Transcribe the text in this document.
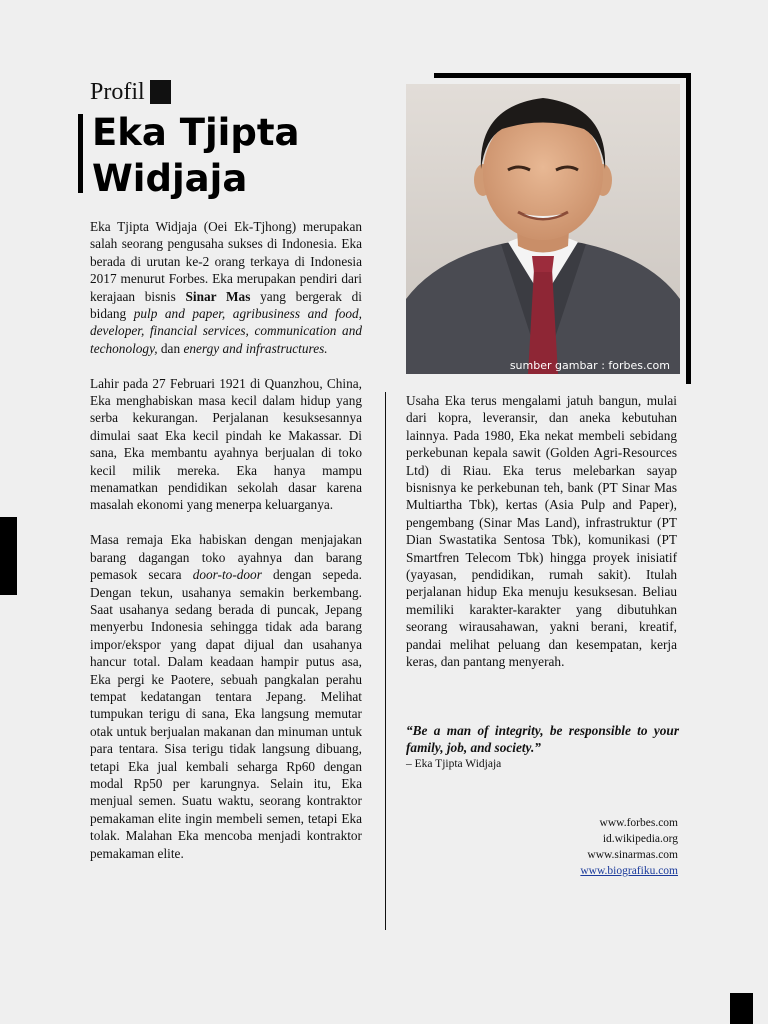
Profil
Eka Tjipta
Widjaja

Eka Tjipta Widjaja (Oei Ek-Tjhong) merupakan salah seorang pengusaha sukses di Indonesia. Eka berada di urutan ke-2 orang terkaya di Indonesia 2017 menurut Forbes. Eka merupakan pendiri dari kerajaan bisnis Sinar Mas yang bergerak di bidang pulp and paper, agribusiness and food, developer, financial services, communication and techonology, dan energy and infrastructures.

Lahir pada 27 Februari 1921 di Quanzhou, China, Eka menghabiskan masa kecil dalam hidup yang serba kekurangan. Perjalanan kesuksesannya dimulai saat Eka kecil pindah ke Makassar. Di sana, Eka membantu ayahnya berjualan di toko kecil milik mereka. Eka hanya mampu menamatkan pendidikan sekolah dasar karena masalah ekonomi yang menerpa keluarganya.

Masa remaja Eka habiskan dengan menjajakan barang dagangan toko ayahnya dan barang pemasok secara door-to-door dengan sepeda. Dengan tekun, usahanya semakin berkembang. Saat usahanya sedang berada di puncak, Jepang menyerbu Indonesia sehingga tidak ada barang impor/ekspor yang dapat dijual dan usahanya hancur total. Dalam keadaan hampir putus asa, Eka pergi ke Paotere, sebuah pangkalan perahu tempat kedatangan tentara Jepang. Melihat tumpukan terigu di sana, Eka langsung memutar otak untuk berjualan makanan dan minuman untuk para tentara. Sisa terigu tidak langsung dibuang, tetapi Eka jual kembali seharga Rp60 dengan modal Rp50 per karungnya. Selain itu, Eka menjual semen. Suatu waktu, seorang kontraktor pemakaman elite ingin membeli semen, tetapi Eka tolak. Malahan Eka mencoba menjadi kontraktor pemakaman elite.

sumber gambar : forbes.com

Usaha Eka terus mengalami jatuh bangun, mulai dari kopra, leveransir, dan aneka kebutuhan lainnya. Pada 1980, Eka nekat membeli sebidang perkebunan kepala sawit (Golden Agri-Resources Ltd) di Riau. Eka terus melebarkan sayap bisnisnya ke perkebunan teh, bank (PT Sinar Mas Multiartha Tbk), kertas (Asia Pulp and Paper), pengembang (Sinar Mas Land), infrastruktur (PT Dian Swastatika Sentosa Tbk), komunikasi (PT Smartfren Telecom Tbk) hingga proyek inisiatif (yayasan, pendidikan, rumah sakit). Itulah perjalanan hidup Eka menuju kesuksesan. Beliau memiliki karakter-karakter yang dibutuhkan seorang wirausahawan, yakni berani, kreatif, pandai melihat peluang dan kesempatan, kerja keras, dan pantang menyerah.

“Be a man of integrity, be responsible to your family, job, and society.”
– Eka Tjipta Widjaja
www.forbes.com
id.wikipedia.org
www.sinarmas.com
www.biografiku.com
